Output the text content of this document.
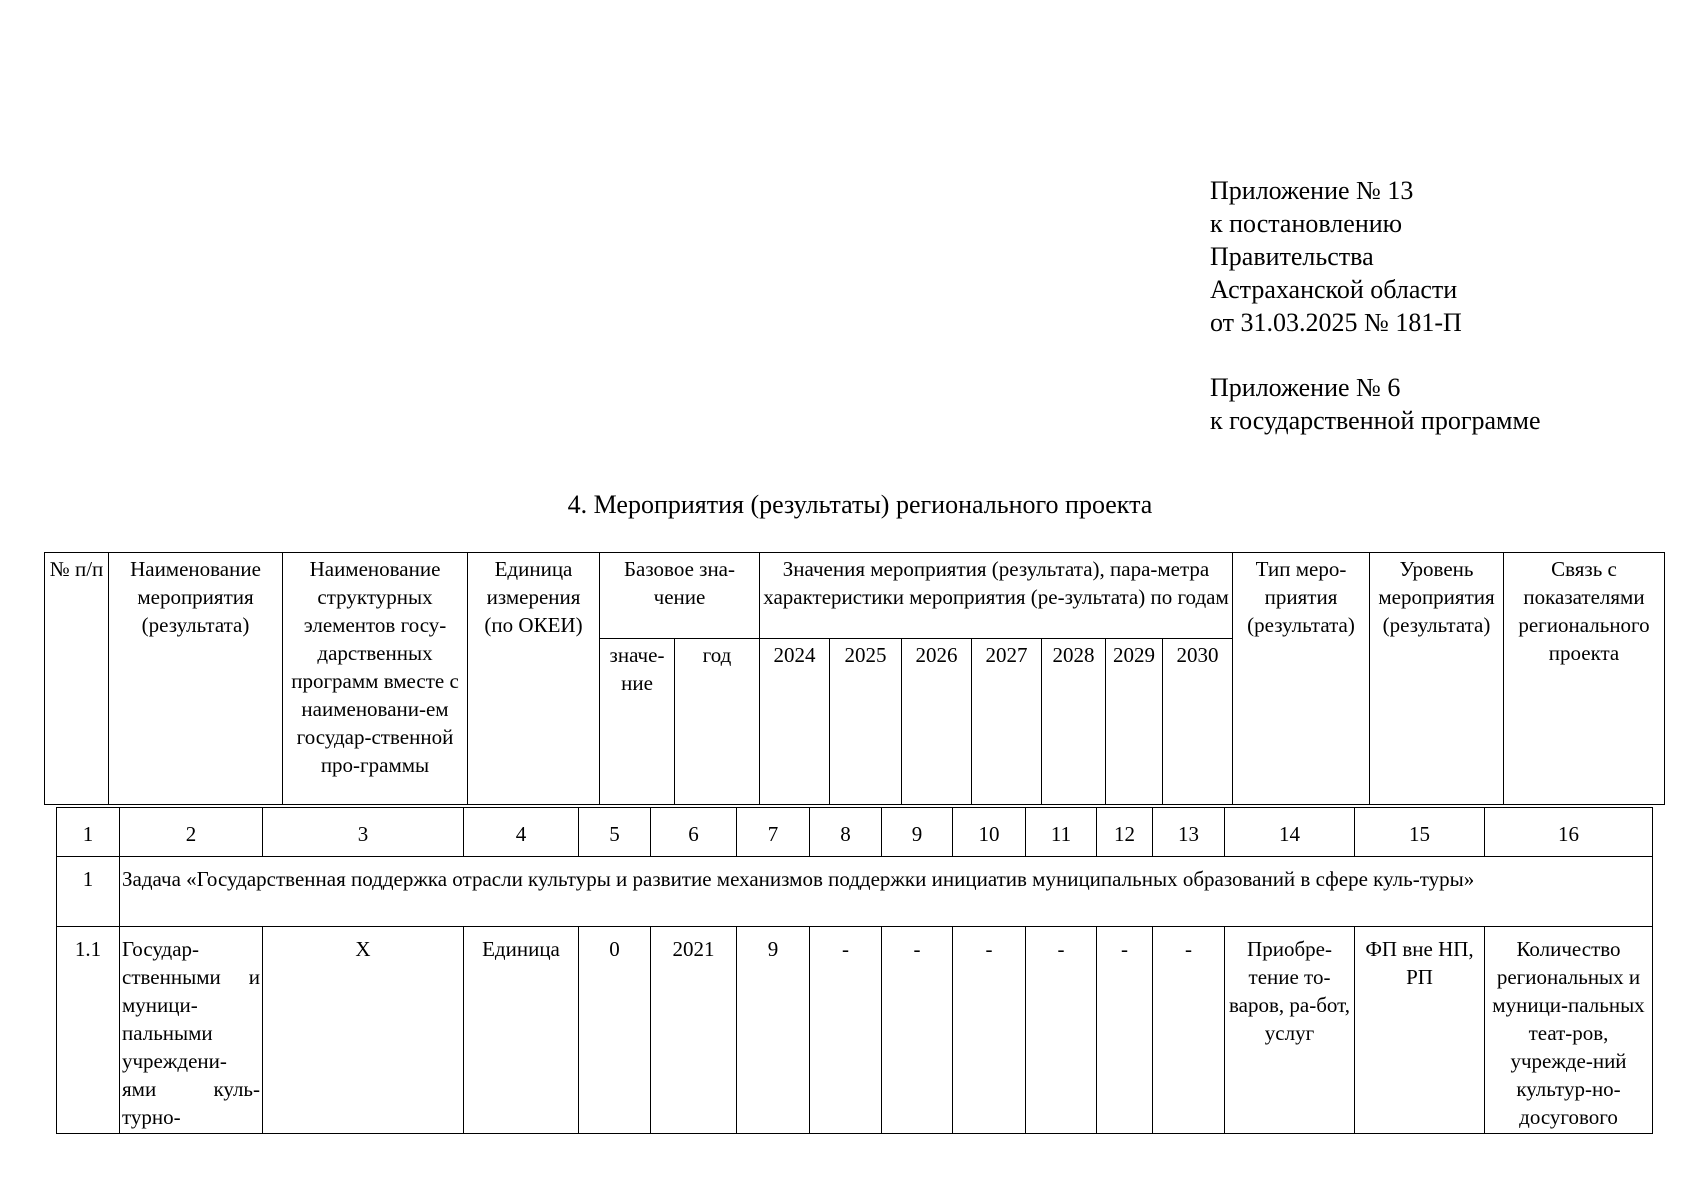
Приложение № 13
к постановлению
Правительства
Астраханской области
от 31.03.2025 № 181-П
Приложение № 6
к государственной программе
4. Мероприятия (результаты) регионального проекта
№ п/п	Наименование мероприятия (результата)	Наименование структурных элементов госу-дарственных программ вместе с наименовани-ем государ-ственной про-граммы	Единица измерения (по ОКЕИ)	Базовое зна-чение		Значения мероприятия (результата), пара-метра характеристики мероприятия (ре-зультата) по годам							Тип меро-приятия (результата)	Уровень мероприятия (результата)	Связь с показателями регионального проекта
				значе-ние	год	2024	2025	2026	2027	2028	2029	2030			
1	2	3	4	5	6	7	8	9	10	11	12	13	14	15	16
1	Задача «Государственная поддержка отрасли культуры и развитие механизмов поддержки инициатив муниципальных образований в сфере куль-туры»														
1.1	Государ-ственными и муници-пальными учреждени-ями куль-турно-	X	Единица	0	2021	9	-	-	-	-	-	-	Приобре-тение то-варов, ра-бот, услуг	ФП вне НП, РП	Количество региональных и муници-пальных теат-ров, учрежде-ний культур-но-досугового
